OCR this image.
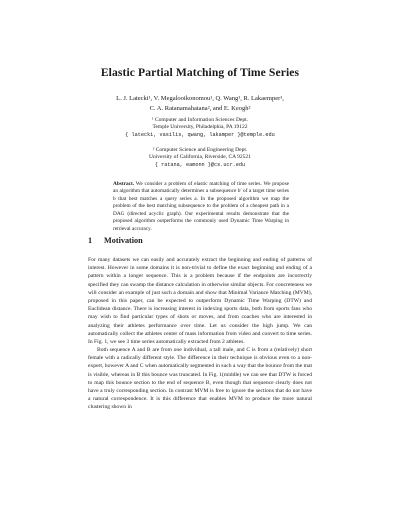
Elastic Partial Matching of Time Series
L. J. Latecki¹, V. Megalooikonomou¹, Q. Wang¹, R. Lakaemper¹,
C. A. Ratanamahatana², and E. Keogh²
¹ Computer and Information Sciences Dept.
Temple University, Philadelphia, PA 19122
{ latecki, vasilis, qwang, lakamper }@temple.edu
² Computer Science and Engineering Dept.
University of California, Riverside, CA 92521
{ ratana, eamonn }@cs.ucr.edu
Abstract. We consider a problem of elastic matching of time series. We propose an algorithm that automatically determines a subsequence b′ of a target time series b that best matches a query series a. In the proposed algorithm we map the problem of the best matching subsequence to the problem of a cheapest path in a DAG (directed acyclic graph). Our experimental results demonstrate that the proposed algorithm outperforms the commonly used Dynamic Time Warping in retrieval accuracy.
1 Motivation

For many datasets we can easily and accurately extract the beginning and ending of patterns of interest. However in some domains it is non-trivial to define the exact beginning and ending of a pattern within a longer sequence. This is a problem because if the endpoints are incorrectly specified they can swamp the distance calculation in otherwise similar objects. For concreteness we will consider an example of just such a domain and show that Minimal Variance Matching (MVM), proposed in this paper, can be expected to outperform Dynamic Time Warping (DTW) and Euclidean distance. There is increasing interest in indexing sports data, both from sports fans who may wish to find particular types of shots or moves, and from coaches who are interested in analyzing their athletes performance over time. Let us consider the high jump. We can automatically collect the athletes center of mass information from video and convert to time series. In Fig. 1, we see 3 time series automatically extracted from 2 athletes.

Both sequence A and B are from one individual, a tall male, and C is from a (relatively) short female with a radically different style. The difference in their technique is obvious even to a non-expert, however A and C when automatically segmented in such a way that the bounce from the mat is visible, whereas in B this bounce was truncated. In Fig. 1(middle) we can see that DTW is forced to map this bounce section to the end of sequence B, even though that sequence clearly does not have a truly corresponding section. In contrast MVM is free to ignore the sections that do not have a natural correspondence. It is this difference that enables MVM to produce the more natural clustering shown in
